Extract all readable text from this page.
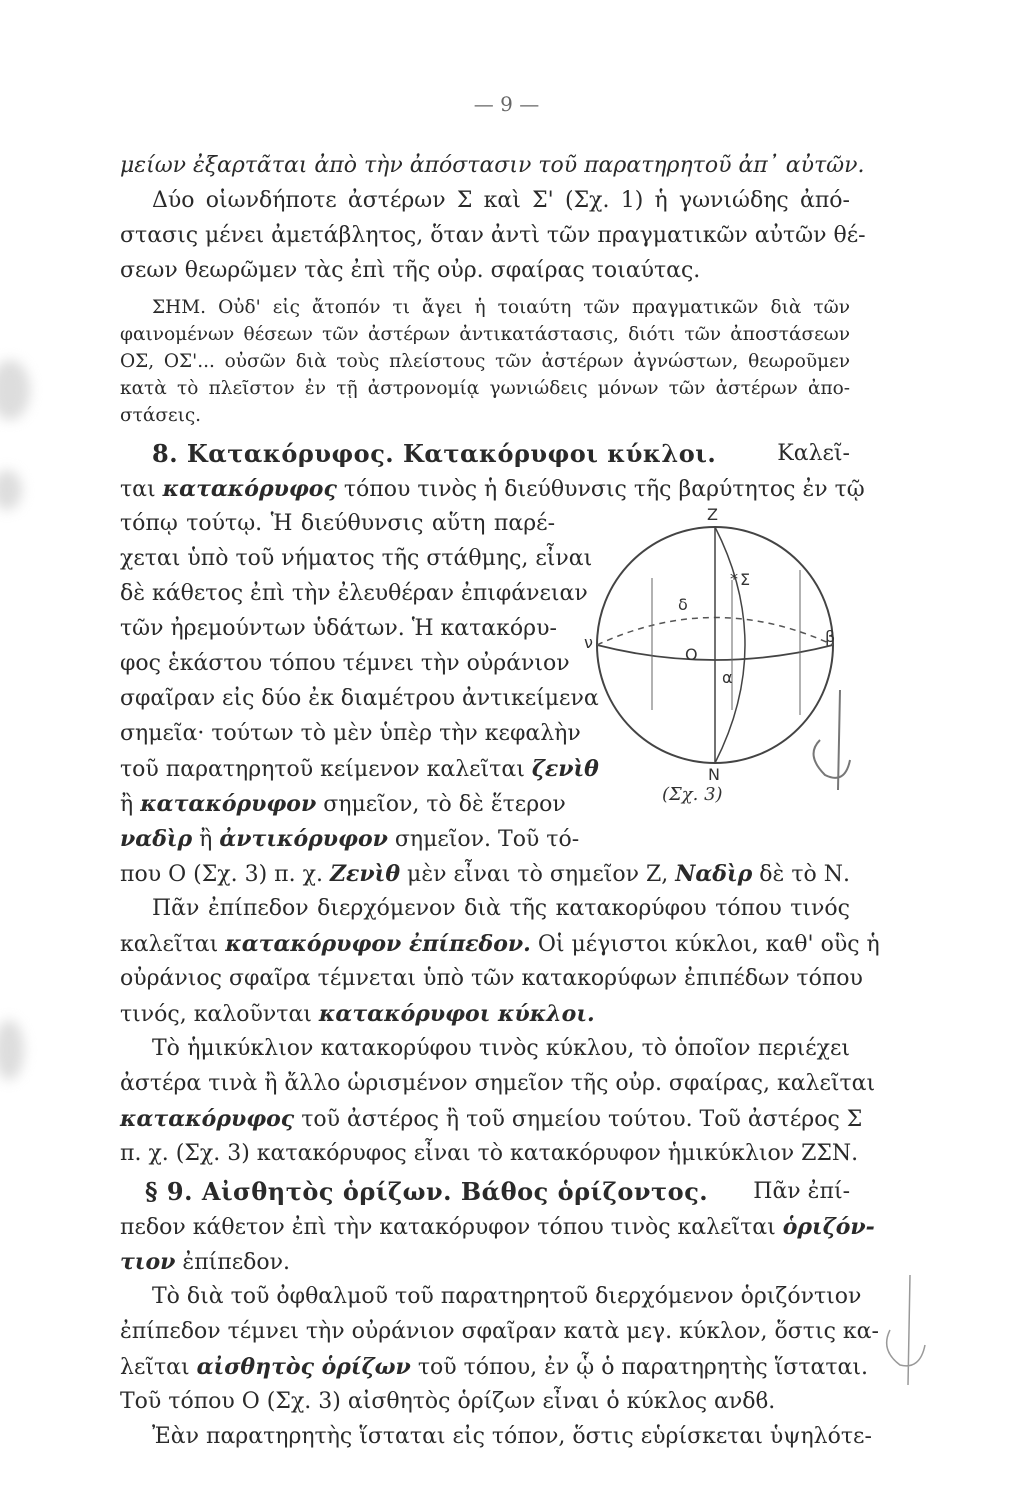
— 9 —
μείων ἐξαρτᾶται ἀπὸ τὴν ἀπόστασιν τοῦ παρατηρητοῦ ἀπ᾽ αὐτῶν.
Δύο οἱωνδήποτε ἀστέρων Σ καὶ Σ' (Σχ. 1) ἡ γωνιώδης ἀπό-
στασις μένει ἀμετάβλητος, ὅταν ἀντὶ τῶν πραγματικῶν αὐτῶν θέ-
σεων θεωρῶμεν τὰς ἐπὶ τῆς οὐρ. σφαίρας τοιαύτας.
ΣΗΜ. Οὐδ' εἰς ἄτοπόν τι ἄγει ἡ τοιαύτη τῶν πραγματικῶν διὰ τῶν
φαινομένων θέσεων τῶν ἀστέρων ἀντικατάστασις, διότι τῶν ἀποστάσεων
ΟΣ, ΟΣ'... οὐσῶν διὰ τοὺς πλείστους τῶν ἀστέρων ἀγνώστων, θεωροῦμεν
κατὰ τὸ πλεῖστον ἐν τῇ ἀστρονομίᾳ γωνιώδεις μόνων τῶν ἀστέρων ἀπο-
στάσεις.
8. Κατακόρυφος. Κατακόρυφοι κύκλοι.	Καλεῖ-
ται κατακόρυφος τόπου τινὸς ἡ διεύθυνσις τῆς βαρύτητος ἐν τῷ
τόπῳ τούτῳ. Ἡ διεύθυνσις αὕτη παρέ-
χεται ὑπὸ τοῦ νήματος τῆς στάθμης, εἶναι
δὲ κάθετος ἐπὶ τὴν ἐλευθέραν ἐπιφάνειαν
τῶν ἠρεμούντων ὑδάτων. Ἡ κατακόρυ-
φος ἑκάστου τόπου τέμνει τὴν οὐράνιον
σφαῖραν εἰς δύο ἐκ διαμέτρου ἀντικείμενα
σημεῖα· τούτων τὸ μὲν ὑπὲρ τὴν κεφαλὴν
τοῦ παρατηρητοῦ κείμενον καλεῖται ζενὶθ
ἢ κατακόρυφον σημεῖον, τὸ δὲ ἕτερον
ναδὶρ ἢ ἀντικόρυφον σημεῖον. Τοῦ τό-
που Ο (Σχ. 3) π. χ. Ζενὶθ μὲν εἶναι τὸ σημεῖον Ζ, Ναδὶρ δὲ τὸ Ν.
Πᾶν ἐπίπεδον διερχόμενον διὰ τῆς κατακορύφου τόπου τινός
καλεῖται κατακόρυφον ἐπίπεδον. Οἱ μέγιστοι κύκλοι, καθ' οὓς ἡ
οὐράνιος σφαῖρα τέμνεται ὑπὸ τῶν κατακορύφων ἐπιπέδων τόπου
τινός, καλοῦνται κατακόρυφοι κύκλοι.
Τὸ ἡμικύκλιον κατακορύφου τινὸς κύκλου, τὸ ὁποῖον περιέχει
ἀστέρα τινὰ ἢ ἄλλο ὡρισμένον σημεῖον τῆς οὐρ. σφαίρας, καλεῖται
κατακόρυφος τοῦ ἀστέρος ἢ τοῦ σημείου τούτου. Τοῦ ἀστέρος Σ
π. χ. (Σχ. 3) κατακόρυφος εἶναι τὸ κατακόρυφον ἡμικύκλιον ΖΣΝ.
§ 9. Αἰσθητὸς ὁρίζων. Βάθος ὁρίζοντος. Πᾶν ἐπί-
πεδον κάθετον ἐπὶ τὴν κατακόρυφον τόπου τινὸς καλεῖται ὁριζόν-
τιον ἐπίπεδον.
Τὸ διὰ τοῦ ὀφθαλμοῦ τοῦ παρατηρητοῦ διερχόμενον ὁριζόντιον
ἐπίπεδον τέμνει τὴν οὐράνιον σφαῖραν κατὰ μεγ. κύκλον, ὅστις κα-
λεῖται αἰσθητὸς ὁρίζων τοῦ τόπου, ἐν ᾧ ὁ παρατηρητὴς ἵσταται.
Τοῦ τόπου Ο (Σχ. 3) αἰσθητὸς ὁρίζων εἶναι ὁ κύκλος ανδϐ.
Ἐὰν παρατηρητὴς ἵσταται εἰς τόπον, ὅστις εὑρίσκεται ὑψηλότε-
Z
Σ
*
δ
β
ν
O
α
N
(Σχ. 3)
